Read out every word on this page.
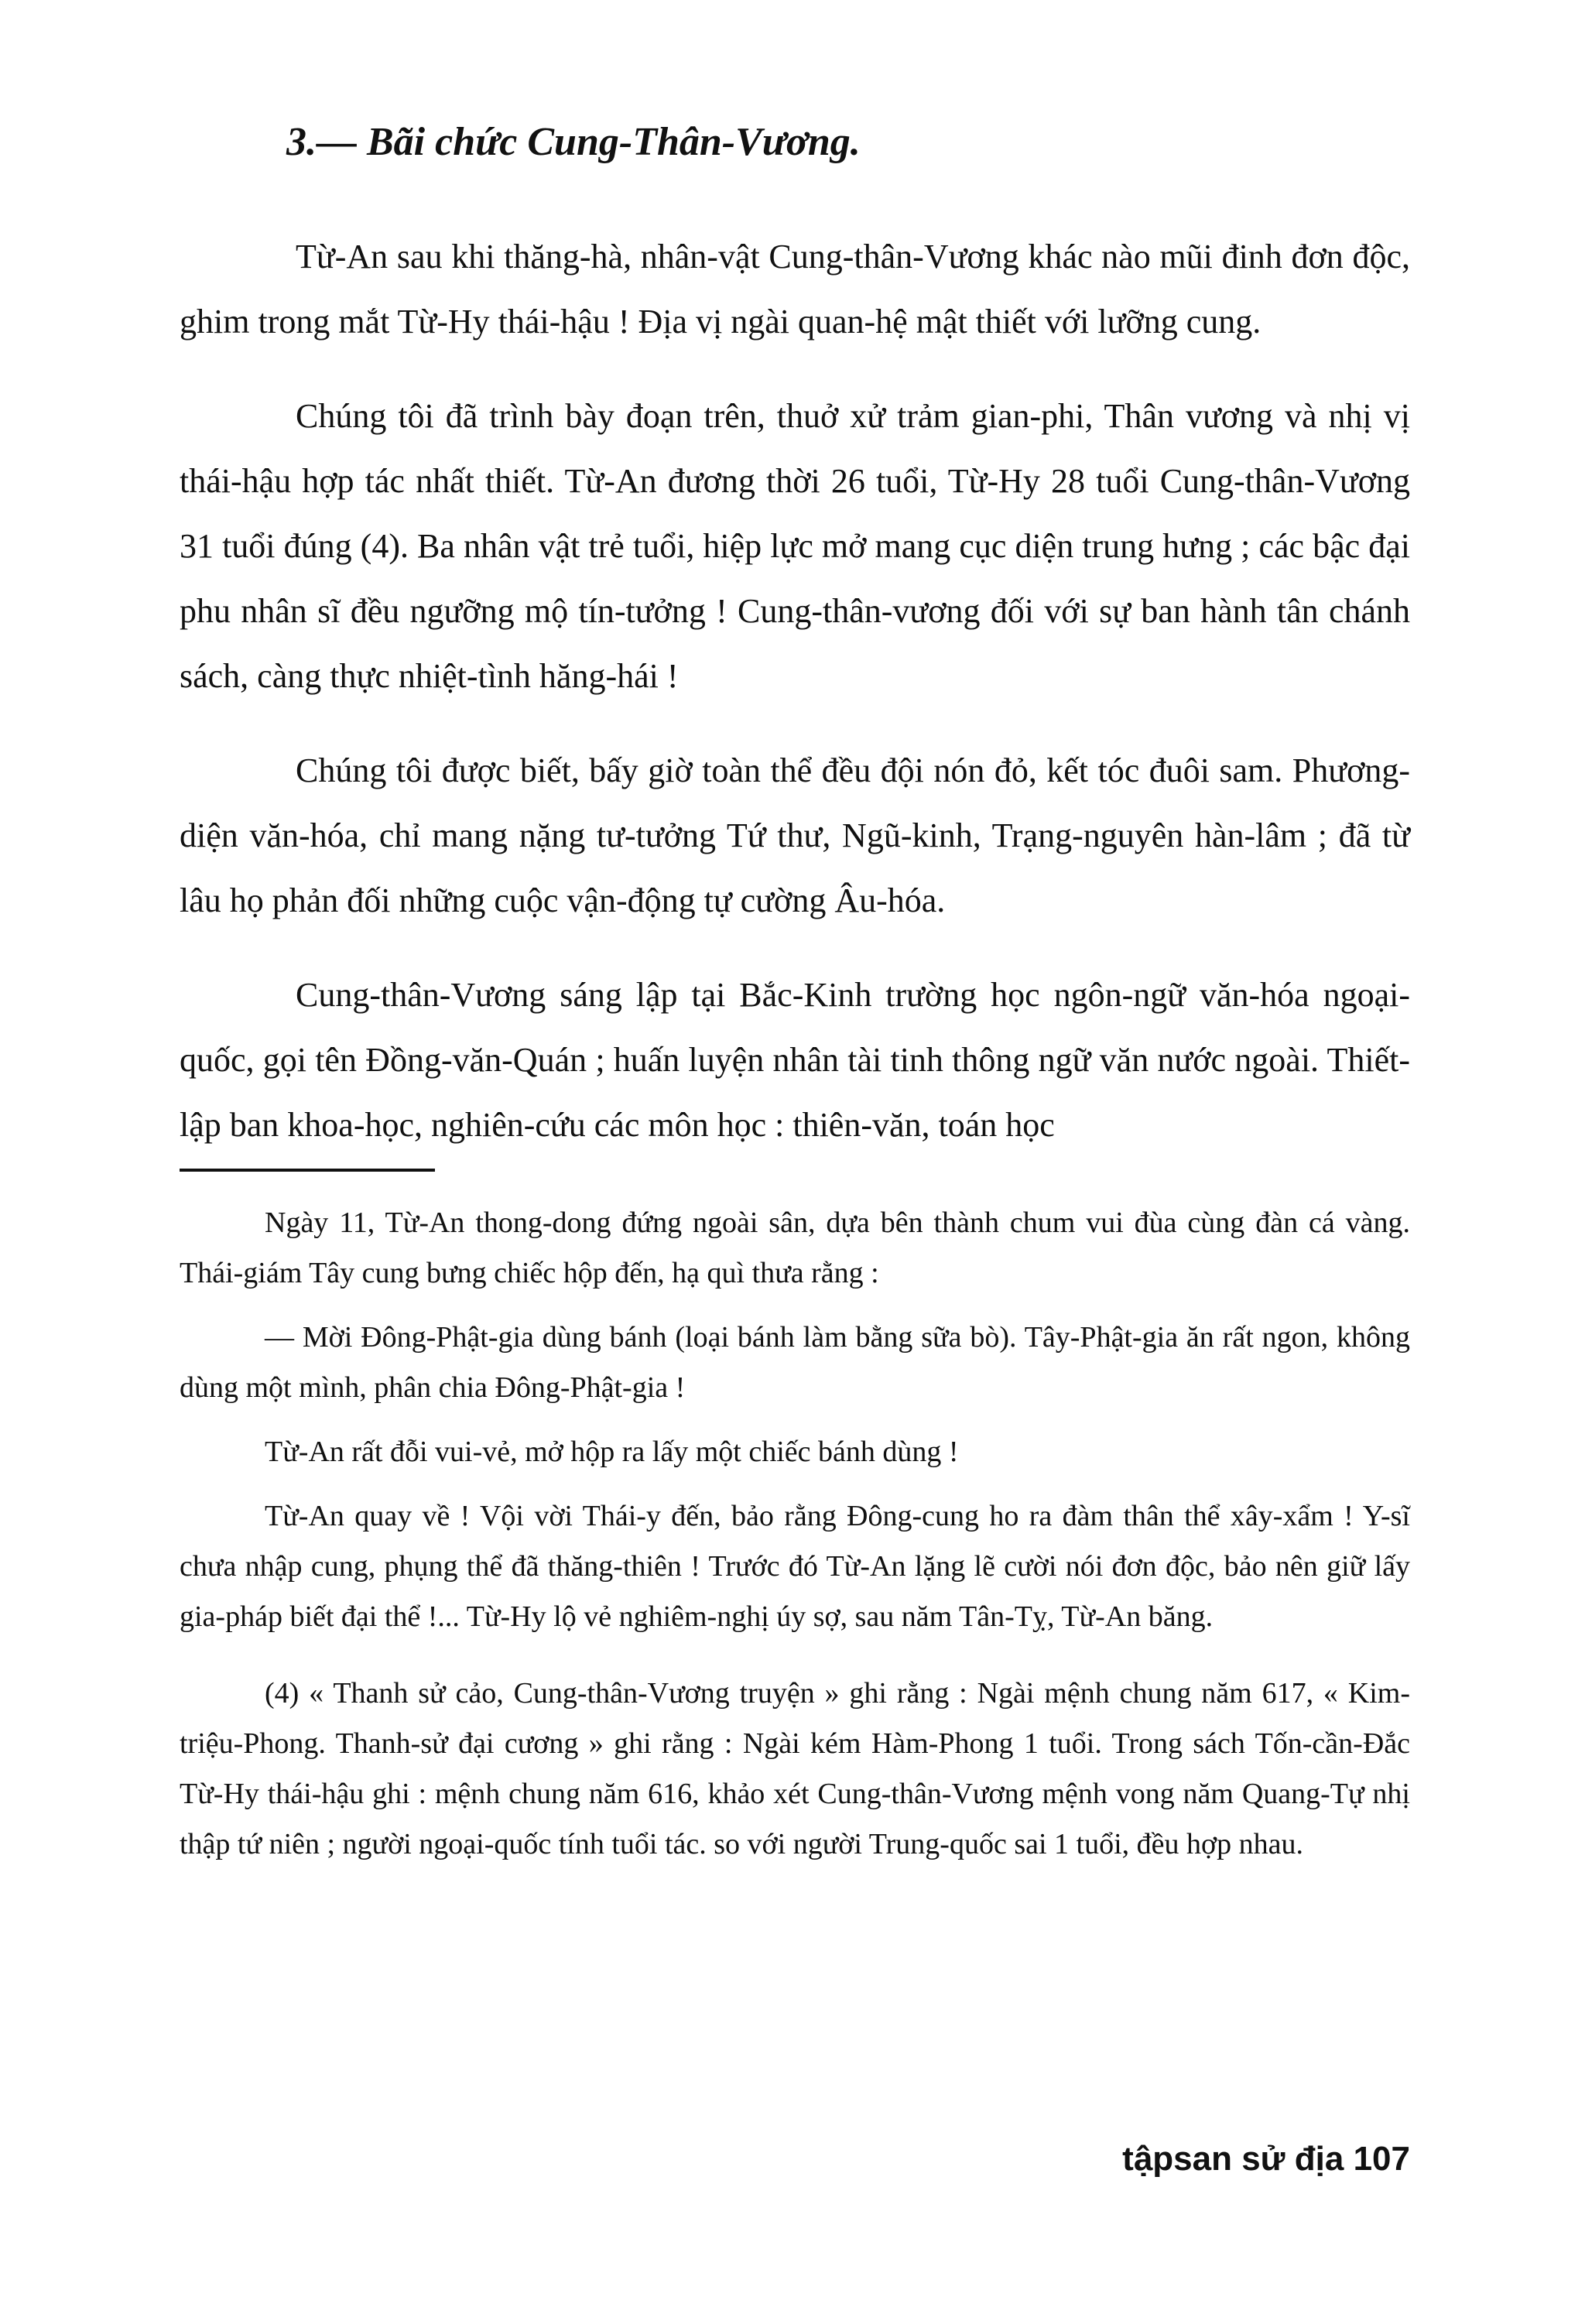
3.— Bãi chức Cung-Thân-Vương.

Từ-An sau khi thăng-hà, nhân-vật Cung-thân-Vương khác nào mũi đinh đơn độc, ghim trong mắt Từ-Hy thái-hậu ! Địa vị ngài quan-hệ mật thiết với lưỡng cung.

Chúng tôi đã trình bày đoạn trên, thuở xử trảm gian-phi, Thân vương và nhị vị thái-hậu hợp tác nhất thiết. Từ-An đương thời 26 tuổi, Từ-Hy 28 tuổi Cung-thân-Vương 31 tuổi đúng (4). Ba nhân vật trẻ tuổi, hiệp lực mở mang cục diện trung hưng ; các bậc đại phu nhân sĩ đều ngưỡng mộ tín-tưởng ! Cung-thân-vương đối với sự ban hành tân chánh sách, càng thực nhiệt-tình hăng-hái !

Chúng tôi được biết, bấy giờ toàn thể đều đội nón đỏ, kết tóc đuôi sam. Phương-diện văn-hóa, chỉ mang nặng tư-tưởng Tứ thư, Ngũ-kinh, Trạng-nguyên hàn-lâm ; đã từ lâu họ phản đối những cuộc vận-động tự cường Âu-hóa.

Cung-thân-Vương sáng lập tại Bắc-Kinh trường học ngôn-ngữ văn-hóa ngoại-quốc, gọi tên Đồng-văn-Quán ; huấn luyện nhân tài tinh thông ngữ văn nước ngoài. Thiết-lập ban khoa-học, nghiên-cứu các môn học : thiên-văn, toán học

Ngày 11, Từ-An thong-dong đứng ngoài sân, dựa bên thành chum vui đùa cùng đàn cá vàng. Thái-giám Tây cung bưng chiếc hộp đến, hạ quì thưa rằng :

— Mời Đông-Phật-gia dùng bánh (loại bánh làm bằng sữa bò). Tây-Phật-gia ăn rất ngon, không dùng một mình, phân chia Đông-Phật-gia !

Từ-An rất đỗi vui-vẻ, mở hộp ra lấy một chiếc bánh dùng !

Từ-An quay về ! Vội vời Thái-y đến, bảo rằng Đông-cung ho ra đàm thân thể xây-xẩm ! Y-sĩ chưa nhập cung, phụng thể đã thăng-thiên ! Trước đó Từ-An lặng lẽ cười nói đơn độc, bảo nên giữ lấy gia-pháp biết đại thể !... Từ-Hy lộ vẻ nghiêm-nghị úy sợ, sau năm Tân-Tỵ, Từ-An băng.

(4) « Thanh sử cảo, Cung-thân-Vương truyện » ghi rằng : Ngài mệnh chung năm 617, « Kim-triệu-Phong. Thanh-sử đại cương » ghi rằng : Ngài kém Hàm-Phong 1 tuổi. Trong sách Tốn-cần-Đắc Từ-Hy thái-hậu ghi : mệnh chung năm 616, khảo xét Cung-thân-Vương mệnh vong năm Quang-Tự nhị thập tứ niên ; người ngoại-quốc tính tuổi tác. so với người Trung-quốc sai 1 tuổi, đều hợp nhau.

tậpsan sử địa 107
